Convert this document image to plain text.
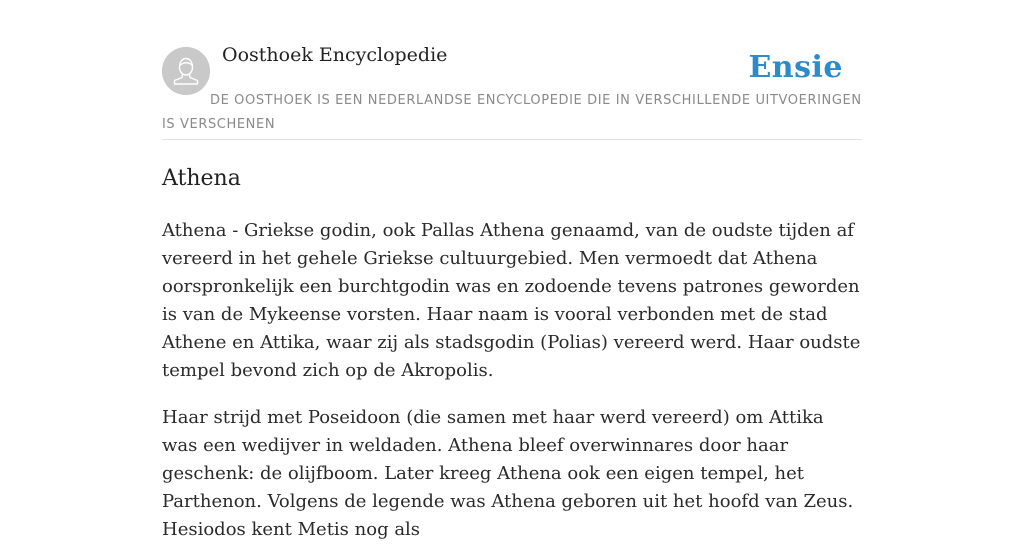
Oosthoek Encyclopedie	Ensie
DE OOSTHOEK IS EEN NEDERLANDSE ENCYCLOPEDIE DIE IN VERSCHILLENDE UITVOERINGEN IS VERSCHENEN
Athena

Athena - Griekse godin, ook Pallas Athena genaamd, van de oudste tijden af vereerd in het gehele Griekse cultuurgebied. Men vermoedt dat Athena oorspronkelijk een burchtgodin was en zodoende tevens patrones geworden is van de Mykeense vorsten. Haar naam is vooral verbonden met de stad Athene en Attika, waar zij als stadsgodin (Polias) vereerd werd. Haar oudste tempel bevond zich op de Akropolis.

Haar strijd met Poseidoon (die samen met haar werd vereerd) om Attika was een wedijver in weldaden. Athena bleef overwinnares door haar geschenk: de olijfboom. Later kreeg Athena ook een eigen tempel, het Parthenon. Volgens de legende was Athena geboren uit het hoofd van Zeus. Hesiodos kent Metis nog als
